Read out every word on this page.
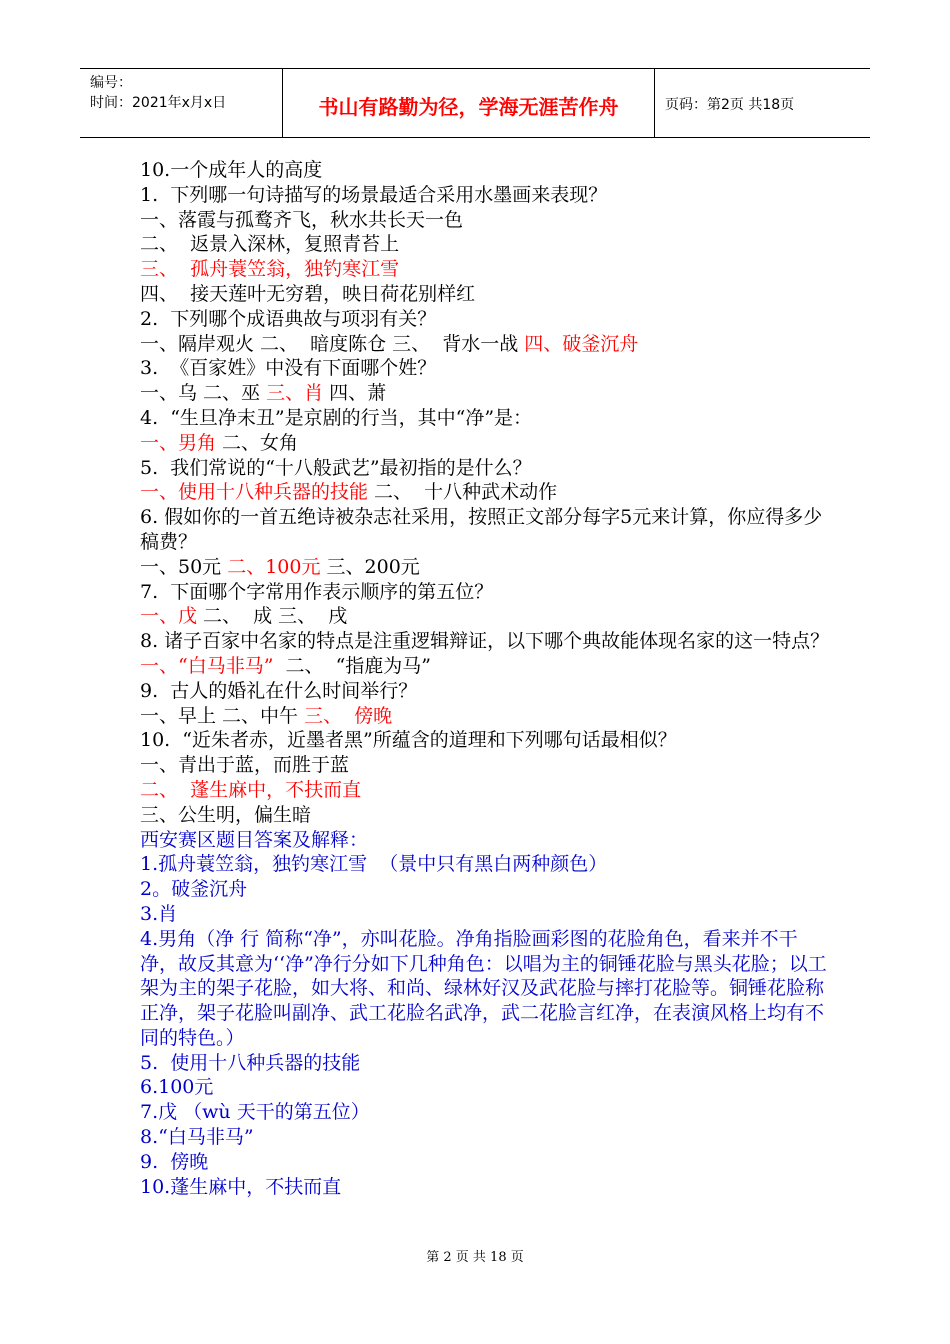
编号：
时间：2021年x月x日	书山有路勤为径，学海无涯苦作舟	页码：第2页 共18页
10.一个成年人的高度
1.  下列哪一句诗描写的场景最适合采用水墨画来表现？
一、落霞与孤鹜齐飞，秋水共长天一色
二、  返景入深林，复照青苔上
三、  孤舟蓑笠翁，独钓寒江雪
四、  接天莲叶无穷碧，映日荷花别样红
2.  下列哪个成语典故与项羽有关？
一、隔岸观火 二、  暗度陈仓 三、  背水一战 四、破釜沉舟
3.  《百家姓》中没有下面哪个姓？
一、乌 二、巫 三、肖 四、萧
4.  “生旦净末丑”是京剧的行当，其中“净”是：
一、男角 二、女角
5.  我们常说的“十八般武艺”最初指的是什么？
一、使用十八种兵器的技能 二、  十八种武术动作
6. 假如你的一首五绝诗被杂志社采用，按照正文部分每字5元来计算，你应得多少稿费？
一、50元 二、100元 三、200元
7.  下面哪个字常用作表示顺序的第五位？
一、戊 二、  成 三、  戌
8. 诸子百家中名家的特点是注重逻辑辩证，以下哪个典故能体现名家的这一特点？
一、“白马非马”  二、  “指鹿为马”
9.  古人的婚礼在什么时间举行？
一、早上 二、中午 三、  傍晚
10.  “近朱者赤，近墨者黑”所蕴含的道理和下列哪句话最相似？
一、青出于蓝，而胜于蓝
二、  蓬生麻中，不扶而直
三、公生明，偏生暗
西安赛区题目答案及解释：
1.孤舟蓑笠翁，独钓寒江雪  （景中只有黑白两种颜色）
2。破釜沉舟
3.肖
4.男角（净 行 简称“净”，亦叫花脸。净角指脸画彩图的花脸角色，看来并不干净，故反其意为‘‘净”净行分如下几种角色：以唱为主的铜锤花脸与黑头花脸；以工架为主的架子花脸，如大将、和尚、绿林好汉及武花脸与摔打花脸等。铜锤花脸称正净，架子花脸叫副净、武工花脸名武净，武二花脸言红净，在表演风格上均有不同的特色。）
5.  使用十八种兵器的技能
6.100元
7.戊 （wù 天干的第五位）
8.“白马非马”
9.  傍晚
10.蓬生麻中，不扶而直
第 2 页 共 18 页
